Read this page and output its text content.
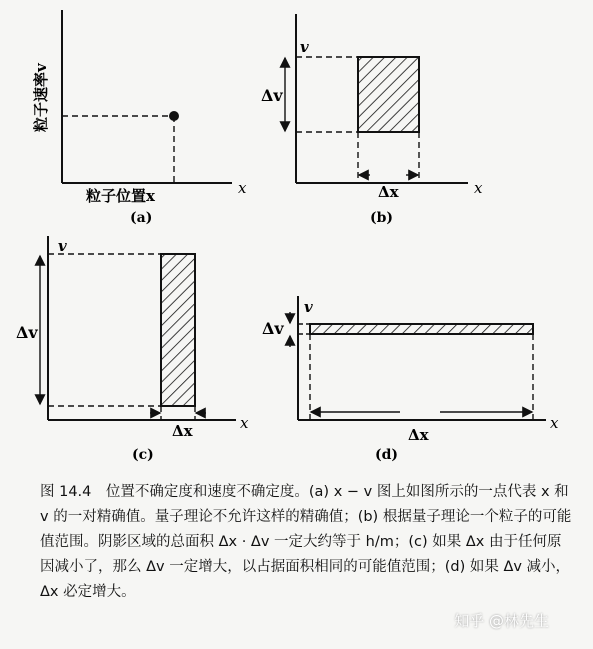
粒子速率v
粒子位置x	x
(a)
v
Δv
Δx	x
(b)
v
Δv
Δx	x
(c)
v
Δv
Δx
x
(d)
图 14.4　位置不确定度和速度不确定度。(a) x − v 图上如图所示的一点代表 x 和 v 的一对精确值。量子理论不允许这样的精确值；(b) 根据量子理论一个粒子的可能值范围。阴影区域的总面积 Δx · Δv 一定大约等于 h/m；(c) 如果 Δx 由于任何原因减小了，那么 Δv 一定增大，以占据面积相同的可能值范围；(d) 如果 Δv 减小，Δx 必定增大。
知乎 @林先生
